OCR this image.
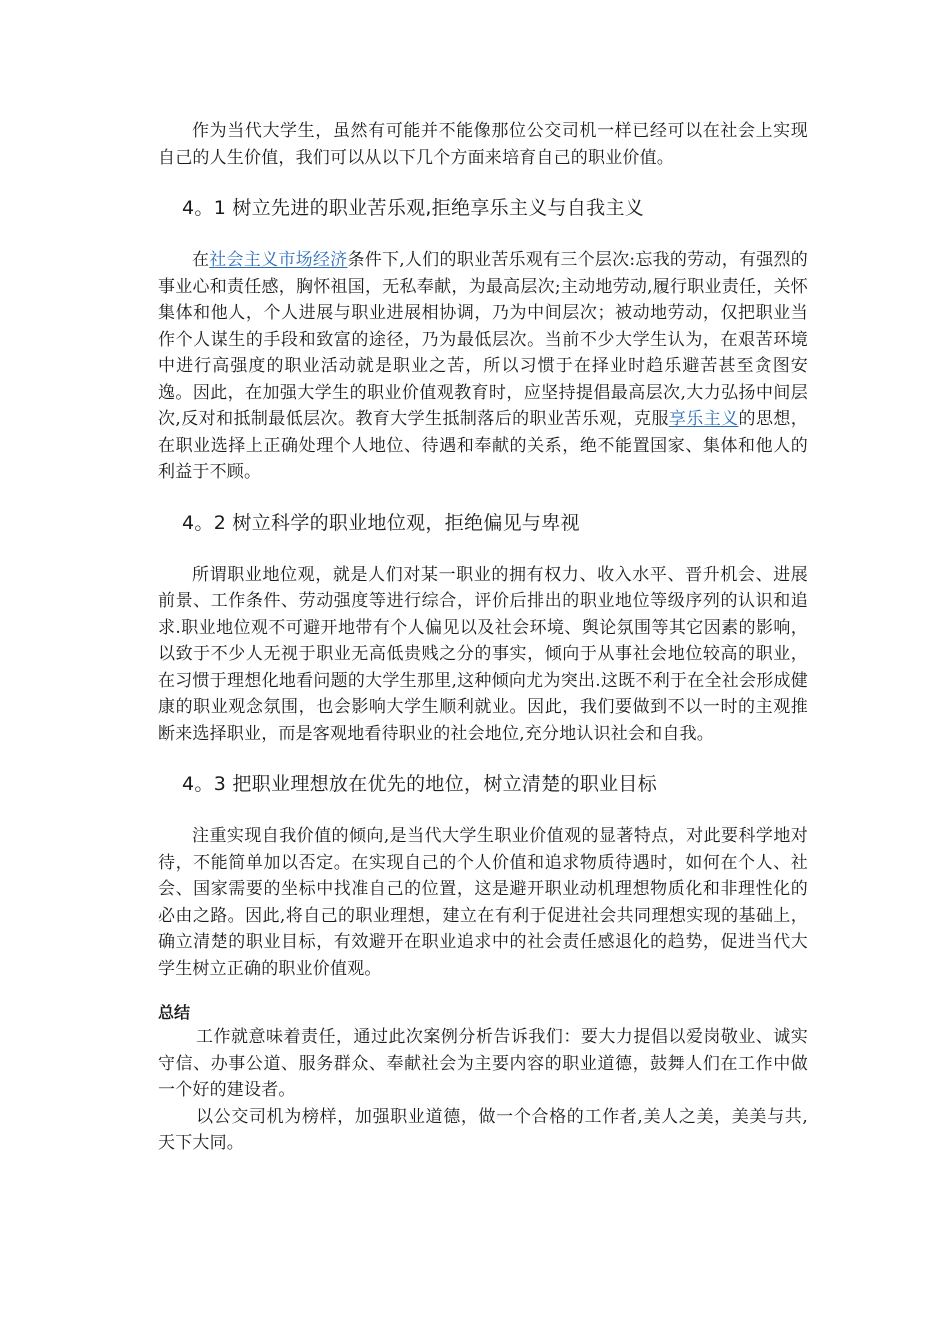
作为当代大学生，虽然有可能并不能像那位公交司机一样已经可以在社会上实现自己的人生价值，我们可以从以下几个方面来培育自己的职业价值。

4。1 树立先进的职业苦乐观,拒绝享乐主义与自我主义

在社会主义市场经济条件下,人们的职业苦乐观有三个层次:忘我的劳动，有强烈的事业心和责任感，胸怀祖国，无私奉献，为最高层次;主动地劳动,履行职业责任，关怀集体和他人，个人进展与职业进展相协调，乃为中间层次；被动地劳动，仅把职业当作个人谋生的手段和致富的途径，乃为最低层次。当前不少大学生认为，在艰苦环境中进行高强度的职业活动就是职业之苦，所以习惯于在择业时趋乐避苦甚至贪图安逸。因此，在加强大学生的职业价值观教育时，应坚持提倡最高层次,大力弘扬中间层次,反对和抵制最低层次。教育大学生抵制落后的职业苦乐观，克服享乐主义的思想，在职业选择上正确处理个人地位、待遇和奉献的关系，绝不能置国家、集体和他人的利益于不顾。

4。2 树立科学的职业地位观，拒绝偏见与卑视

所谓职业地位观，就是人们对某一职业的拥有权力、收入水平、晋升机会、进展前景、工作条件、劳动强度等进行综合，评价后排出的职业地位等级序列的认识和追求.职业地位观不可避开地带有个人偏见以及社会环境、舆论氛围等其它因素的影响，以致于不少人无视于职业无高低贵贱之分的事实，倾向于从事社会地位较高的职业，在习惯于理想化地看问题的大学生那里,这种倾向尤为突出.这既不利于在全社会形成健康的职业观念氛围，也会影响大学生顺利就业。因此，我们要做到不以一时的主观推断来选择职业，而是客观地看待职业的社会地位,充分地认识社会和自我。

4。3 把职业理想放在优先的地位，树立清楚的职业目标

注重实现自我价值的倾向,是当代大学生职业价值观的显著特点，对此要科学地对待，不能简单加以否定。在实现自己的个人价值和追求物质待遇时，如何在个人、社会、国家需要的坐标中找准自己的位置，这是避开职业动机理想物质化和非理性化的必由之路。因此,将自己的职业理想，建立在有利于促进社会共同理想实现的基础上，确立清楚的职业目标，有效避开在职业追求中的社会责任感退化的趋势，促进当代大学生树立正确的职业价值观。

总结

工作就意味着责任，通过此次案例分析告诉我们：要大力提倡以爱岗敬业、诚实守信、办事公道、服务群众、奉献社会为主要内容的职业道德，鼓舞人们在工作中做一个好的建设者。

以公交司机为榜样，加强职业道德，做一个合格的工作者,美人之美，美美与共,天下大同。
